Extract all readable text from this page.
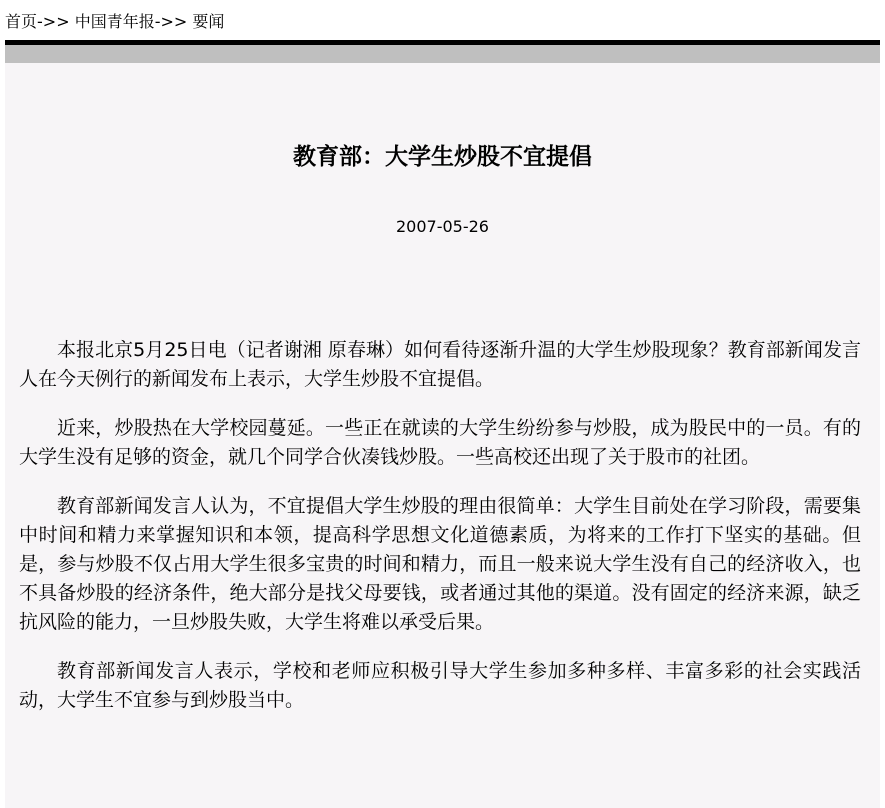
首页->> 中国青年报->> 要闻
教育部：大学生炒股不宜提倡
2007-05-26

本报北京5月25日电（记者谢湘 原春琳）如何看待逐渐升温的大学生炒股现象？教育部新闻发言人在今天例行的新闻发布上表示，大学生炒股不宜提倡。

近来，炒股热在大学校园蔓延。一些正在就读的大学生纷纷参与炒股，成为股民中的一员。有的大学生没有足够的资金，就几个同学合伙凑钱炒股。一些高校还出现了关于股市的社团。

教育部新闻发言人认为，不宜提倡大学生炒股的理由很简单：大学生目前处在学习阶段，需要集中时间和精力来掌握知识和本领，提高科学思想文化道德素质，为将来的工作打下坚实的基础。但是，参与炒股不仅占用大学生很多宝贵的时间和精力，而且一般来说大学生没有自己的经济收入，也不具备炒股的经济条件，绝大部分是找父母要钱，或者通过其他的渠道。没有固定的经济来源，缺乏抗风险的能力，一旦炒股失败，大学生将难以承受后果。

教育部新闻发言人表示，学校和老师应积极引导大学生参加多种多样、丰富多彩的社会实践活动，大学生不宜参与到炒股当中。
